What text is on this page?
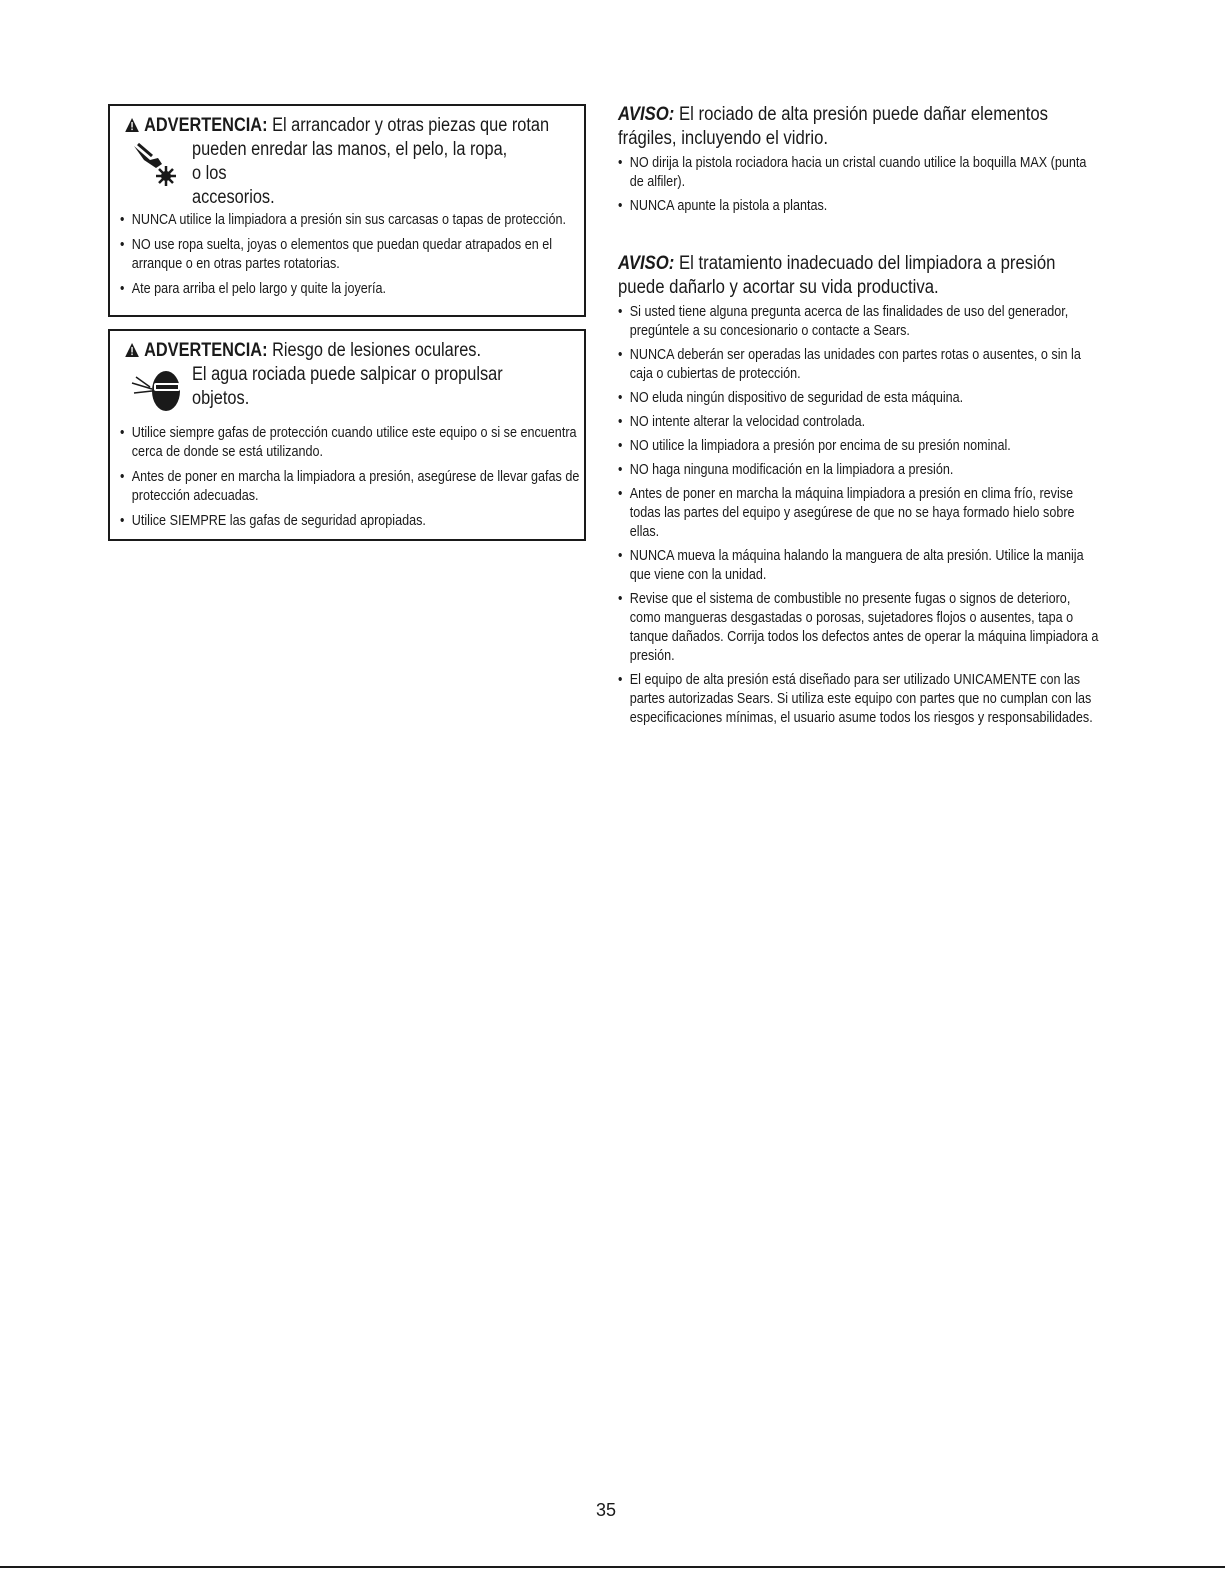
ADVERTENCIA: El arrancador y otras piezas que rotan
pueden enredar las manos, el pelo, la ropa, o los
accesorios.
• NUNCA utilice la limpiadora a presión sin sus carcasas o tapas de protección.
• NO use ropa suelta, joyas o elementos que puedan quedar atrapados en el arranque o en otras partes rotatorias.
• Ate para arriba el pelo largo y quite la joyería.
ADVERTENCIA: Riesgo de lesiones oculares.
El agua rociada puede salpicar o propulsar
objetos.
• Utilice siempre gafas de protección cuando utilice este equipo o si se encuentra cerca de donde se está utilizando.
• Antes de poner en marcha la limpiadora a presión, asegúrese de llevar gafas de protección adecuadas.
• Utilice SIEMPRE las gafas de seguridad apropiadas.
AVISO: El rociado de alta presión puede dañar elementos
frágiles, incluyendo el vidrio.
• NO dirija la pistola rociadora hacia un cristal cuando utilice la boquilla MAX (punta de alfiler).
• NUNCA apunte la pistola a plantas.
AVISO: El tratamiento inadecuado del limpiadora a presión
puede dañarlo y acortar su vida productiva.
• Si usted tiene alguna pregunta acerca de las finalidades de uso del generador, pregúntele a su concesionario o contacte a Sears.
• NUNCA deberán ser operadas las unidades con partes rotas o ausentes, o sin la caja o cubiertas de protección.
• NO eluda ningún dispositivo de seguridad de esta máquina.
• NO intente alterar la velocidad controlada.
• NO utilice la limpiadora a presión por encima de su presión nominal.
• NO haga ninguna modificación en la limpiadora a presión.
• Antes de poner en marcha la máquina limpiadora a presión en clima frío, revise todas las partes del equipo y asegúrese de que no se haya formado hielo sobre ellas.
• NUNCA mueva la máquina halando la manguera de alta presión. Utilice la manija que viene con la unidad.
• Revise que el sistema de combustible no presente fugas o signos de deterioro, como mangueras desgastadas o porosas, sujetadores flojos o ausentes, tapa o tanque dañados. Corrija todos los defectos antes de operar la máquina limpiadora a presión.
• El equipo de alta presión está diseñado para ser utilizado UNICAMENTE con las partes autorizadas Sears. Si utiliza este equipo con partes que no cumplan con las especificaciones mínimas, el usuario asume todos los riesgos y responsabilidades.
35
